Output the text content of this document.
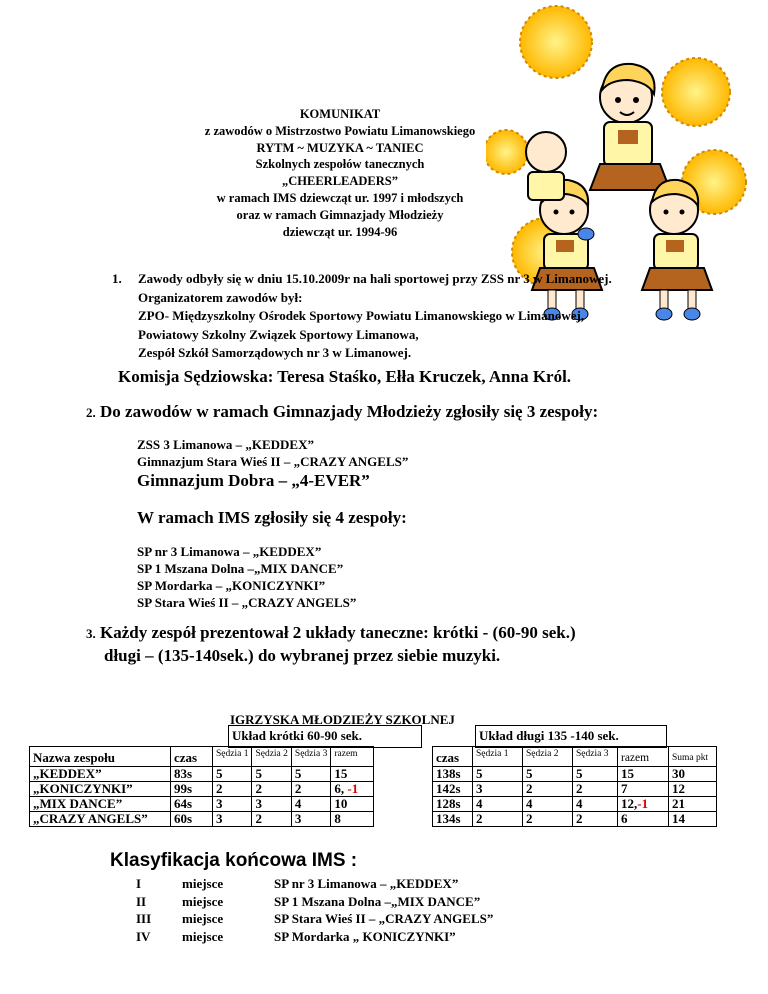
KOMUNIKAT
z zawodów o Mistrzostwo Powiatu Limanowskiego
RYTM ~ MUZYKA ~ TANIEC
Szkolnych zespołów tanecznych
„CHEERLEADERS”
w ramach IMS dziewcząt ur. 1997 i młodszych
oraz w ramach Gimnazjady Młodzieży
dziewcząt ur. 1994-96
1. Zawody odbyły się w dniu 15.10.2009r na hali sportowej przy ZSS nr 3 w Limanowej.
Organizatorem zawodów był:
ZPO- Międzyszkolny Ośrodek Sportowy Powiatu Limanowskiego w Limanowej,
Powiatowy Szkolny Związek Sportowy Limanowa,
Zespół Szkół Samorządowych nr 3 w Limanowej.
Komisja Sędziowska: Teresa Staśko, Ełła Kruczek, Anna Król.
2. Do zawodów w ramach Gimnazjady Młodzieży zgłosiły się 3 zespoły:
ZSS 3 Limanowa – „KEDDEX”
Gimnazjum Stara Wieś II – „CRAZY ANGELS”
Gimnazjum Dobra – „4-EVER”
W ramach IMS zgłosiły się 4 zespoły:
SP nr 3 Limanowa – „KEDDEX”
SP 1 Mszana Dolna –„MIX DANCE”
SP Mordarka – „KONICZYNKI”
SP Stara Wieś II – „CRAZY ANGELS”
3. Każdy zespół prezentował 2 układy taneczne: krótki - (60-90 sek.)
długi – (135-140sek.) do wybranej przez siebie muzyki.
IGRZYSKA MŁODZIEŻY SZKOLNEJ
Układ krótki 60-90 sek.	Układ długi 135 -140 sek.
Nazwa zespołu	czas	Sędzia 1	Sędzia 2	Sędzia 3	razem
„KEDDEX”	83s	5	5	5	15
„KONICZYNKI”	99s	2	2	2	6, -1
„MIX DANCE”	64s	3	3	4	10
„CRAZY ANGELS”	60s	3	2	3	8
czas	Sędzia 1	Sędzia 2	Sędzia 3	razem	Suma pkt
138s	5	5	5	15	30
142s	3	2	2	7	12
128s	4	4	4	12,-1	21
134s	2	2	2	6	14
Klasyfikacja końcowa IMS :
I	miejsce	SP nr 3 Limanowa – „KEDDEX”
II	miejsce	SP 1 Mszana Dolna –„MIX DANCE”
III miejsce	SP Stara Wieś II – „CRAZY ANGELS”
IV miejsce	SP Mordarka „ KONICZYNKI”
